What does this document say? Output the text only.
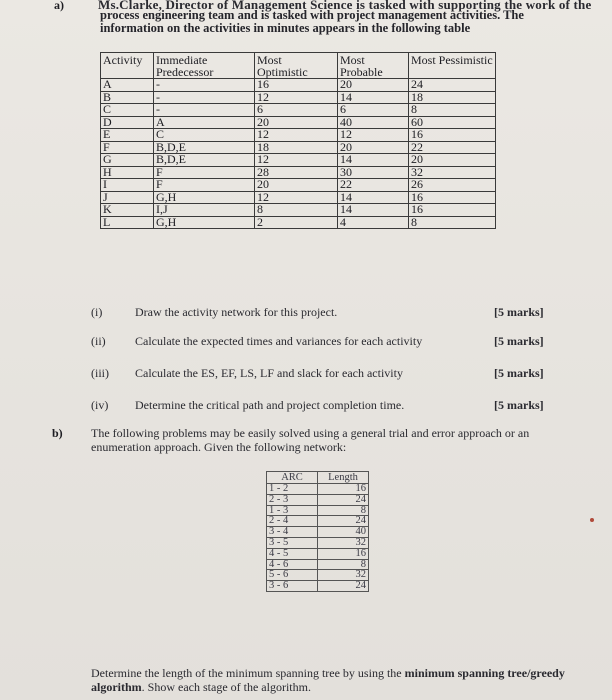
a)	Ms.Clarke, Director of Management Science is tasked with supporting the work of the
process engineering team and is tasked with project management activities. The information on the activities in minutes appears in the following table
Activity	Immediate Predecessor	Most Optimistic	Most Probable	Most Pessimistic
A	-	16	20	24
B	-	12	14	18
C	-	6	6	8
D	A	20	40	60
E	C	12	12	16
F	B,D,E	18	20	22
G	B,D,E	12	14	20
H	F	28	30	32
I	F	20	22	26
J	G,H	12	14	16
K	I,J	8	14	16
L	G,H	2	4	8
(i)	Draw the activity network for this project.	[5 marks]
(ii) Calculate the expected times and variances for each activity	[5 marks]
(iii) Calculate the ES, EF, LS, LF and slack for each activity	[5 marks]
(iv) Determine the critical path and project completion time.	[5 marks]
b) The following problems may be easily solved using a general trial and error approach or an enumeration approach. Given the following network:
ARC	Length
1 - 2	16
2 - 3	24
1 - 3	8
2 - 4	24
3 - 4	40
3 - 5	32
4 - 5	16
4 - 6	8
5 - 6	32
3 - 6	24
Determine the length of the minimum spanning tree by using the minimum spanning tree/greedy algorithm. Show each stage of the algorithm.
